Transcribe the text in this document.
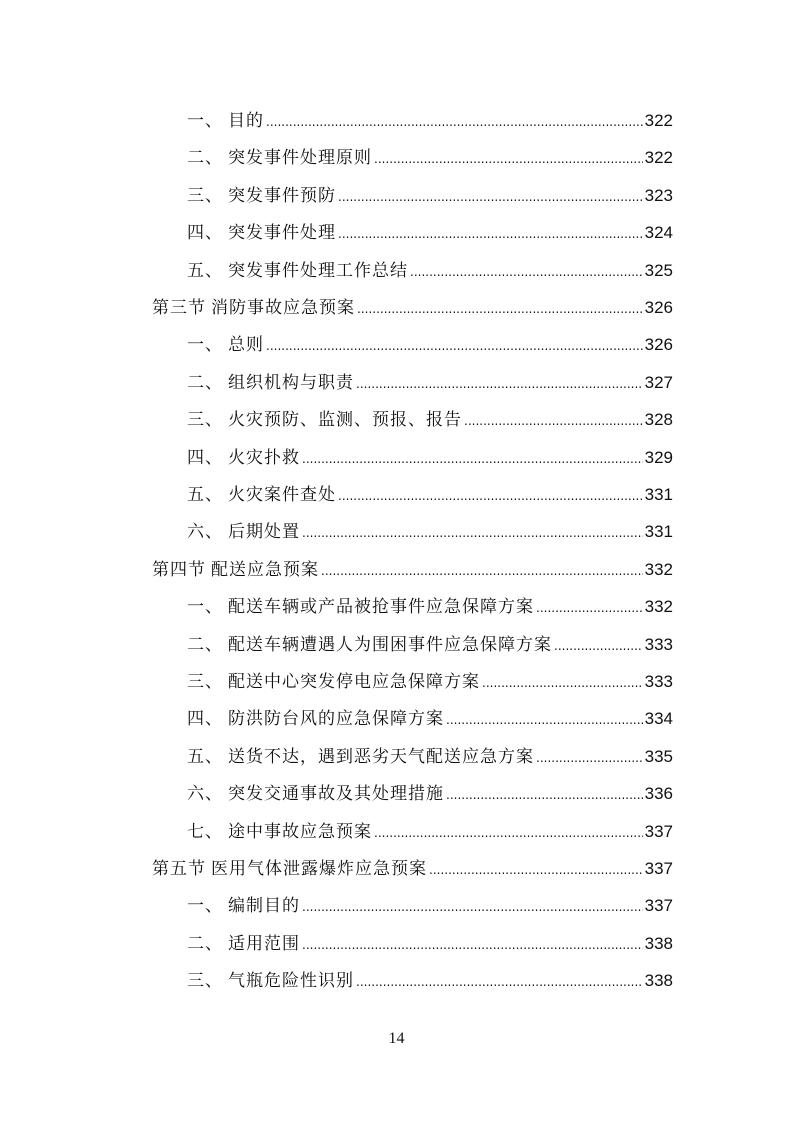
一、 目的 .....	322
二、 突发事件处理原则 .....	322
三、 突发事件预防 .....	323
四、 突发事件处理 .....	324
五、 突发事件处理工作总结 .....	325
第三节 消防事故应急预案 .....	326
一、 总则 .....	326
二、 组织机构与职责 .....	327
三、 火灾预防、监测、预报、报告 .....	328
四、 火灾扑救 .....	329
五、 火灾案件查处 .....	331
六、 后期处置 .....	331
第四节 配送应急预案 .....	332
一、 配送车辆或产品被抢事件应急保障方案 .....	332
二、 配送车辆遭遇人为围困事件应急保障方案 .....	333
三、 配送中心突发停电应急保障方案 .....	333
四、 防洪防台风的应急保障方案 .....	334
五、 送货不达，遇到恶劣天气配送应急方案 .....	335
六、 突发交通事故及其处理措施 .....	336
七、 途中事故应急预案 .....	337
第五节 医用气体泄露爆炸应急预案 .....	337
一、 编制目的 .....	337
二、 适用范围 .....	338
三、 气瓶危险性识别 .....	338
14
